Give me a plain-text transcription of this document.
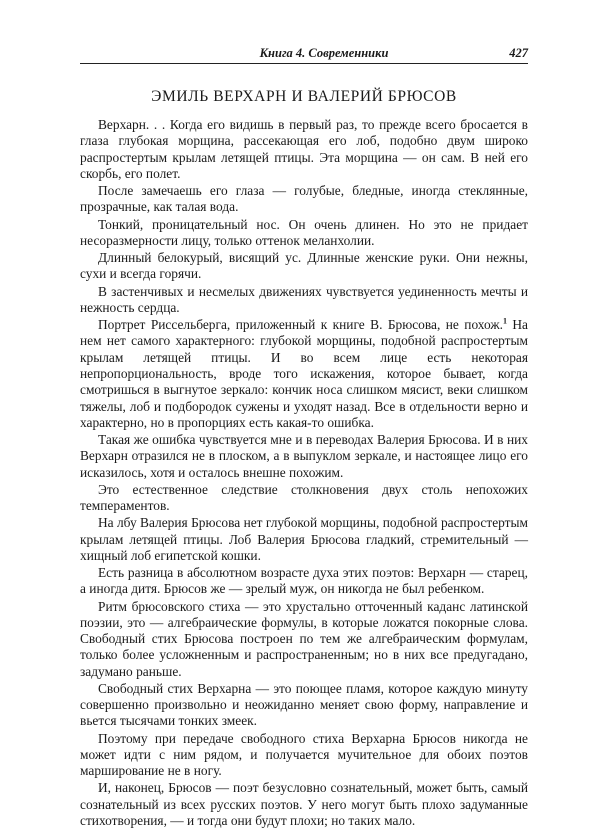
Книга 4. Современники	427
ЭМИЛЬ ВЕРХАРН И ВАЛЕРИЙ БРЮСОВ

Верхарн. . . Когда его видишь в первый раз, то прежде всего бросается в глаза глубокая морщина, рассекающая его лоб, подобно двум широко распростертым крылам летящей птицы. Эта морщина — он сам. В ней его скорбь, его полет.

После замечаешь его глаза — голубые, бледные, иногда стеклянные, прозрачные, как талая вода.

Тонкий, проницательный нос. Он очень длинен. Но это не придает несоразмерности лицу, только оттенок меланхолии.

Длинный белокурый, висящий ус. Длинные женские руки. Они нежны, сухи и всегда горячи.

В застенчивых и несмелых движениях чувствуется уединенность мечты и нежность сердца.

Портрет Риссельберга, приложенный к книге В. Брюсова, не похож.$^1$ На нем нет самого характерного: глубокой морщины, подобной распростертым крылам летящей птицы. И во всем лице есть некоторая непропорциональность, вроде того искажения, которое бывает, когда смотришься в выгнутое зеркало: кончик носа слишком мясист, веки слишком тяжелы, лоб и подбородок сужены и уходят назад. Все в отдельности верно и характерно, но в пропорциях есть какая-то ошибка.

Такая же ошибка чувствуется мне и в переводах Валерия Брюсова. И в них Верхарн отразился не в плоском, а в выпуклом зеркале, и настоящее лицо его исказилось, хотя и осталось внешне похожим.

Это естественное следствие столкновения двух столь непохожих темпераментов.

На лбу Валерия Брюсова нет глубокой морщины, подобной распростертым крылам летящей птицы. Лоб Валерия Брюсова гладкий, стремительный — хищный лоб египетской кошки.

Есть разница в абсолютном возрасте духа этих поэтов: Верхарн — старец, а иногда дитя. Брюсов же — зрелый муж, он никогда не был ребенком.

Ритм брюсовского стиха — это хрустально отточенный каданс латинской поэзии, это — алгебраические формулы, в которые ложатся покорные слова. Свободный стих Брюсова построен по тем же алгебраическим формулам, только более усложненным и распространенным; но в них все предугадано, задумано раньше.

Свободный стих Верхарна — это поющее пламя, которое каждую минуту совершенно произвольно и неожиданно меняет свою форму, направление и вьется тысячами тонких змеек.

Поэтому при передаче свободного стиха Верхарна Брюсов никогда не может идти с ним рядом, и получается мучительное для обоих поэтов марширование не в ногу.

И, наконец, Брюсов — поэт безусловно сознательный, может быть, самый сознательный из всех русских поэтов. У него могут быть плохо задуманные стихотворения, — и тогда они будут плохи; но таких мало.
